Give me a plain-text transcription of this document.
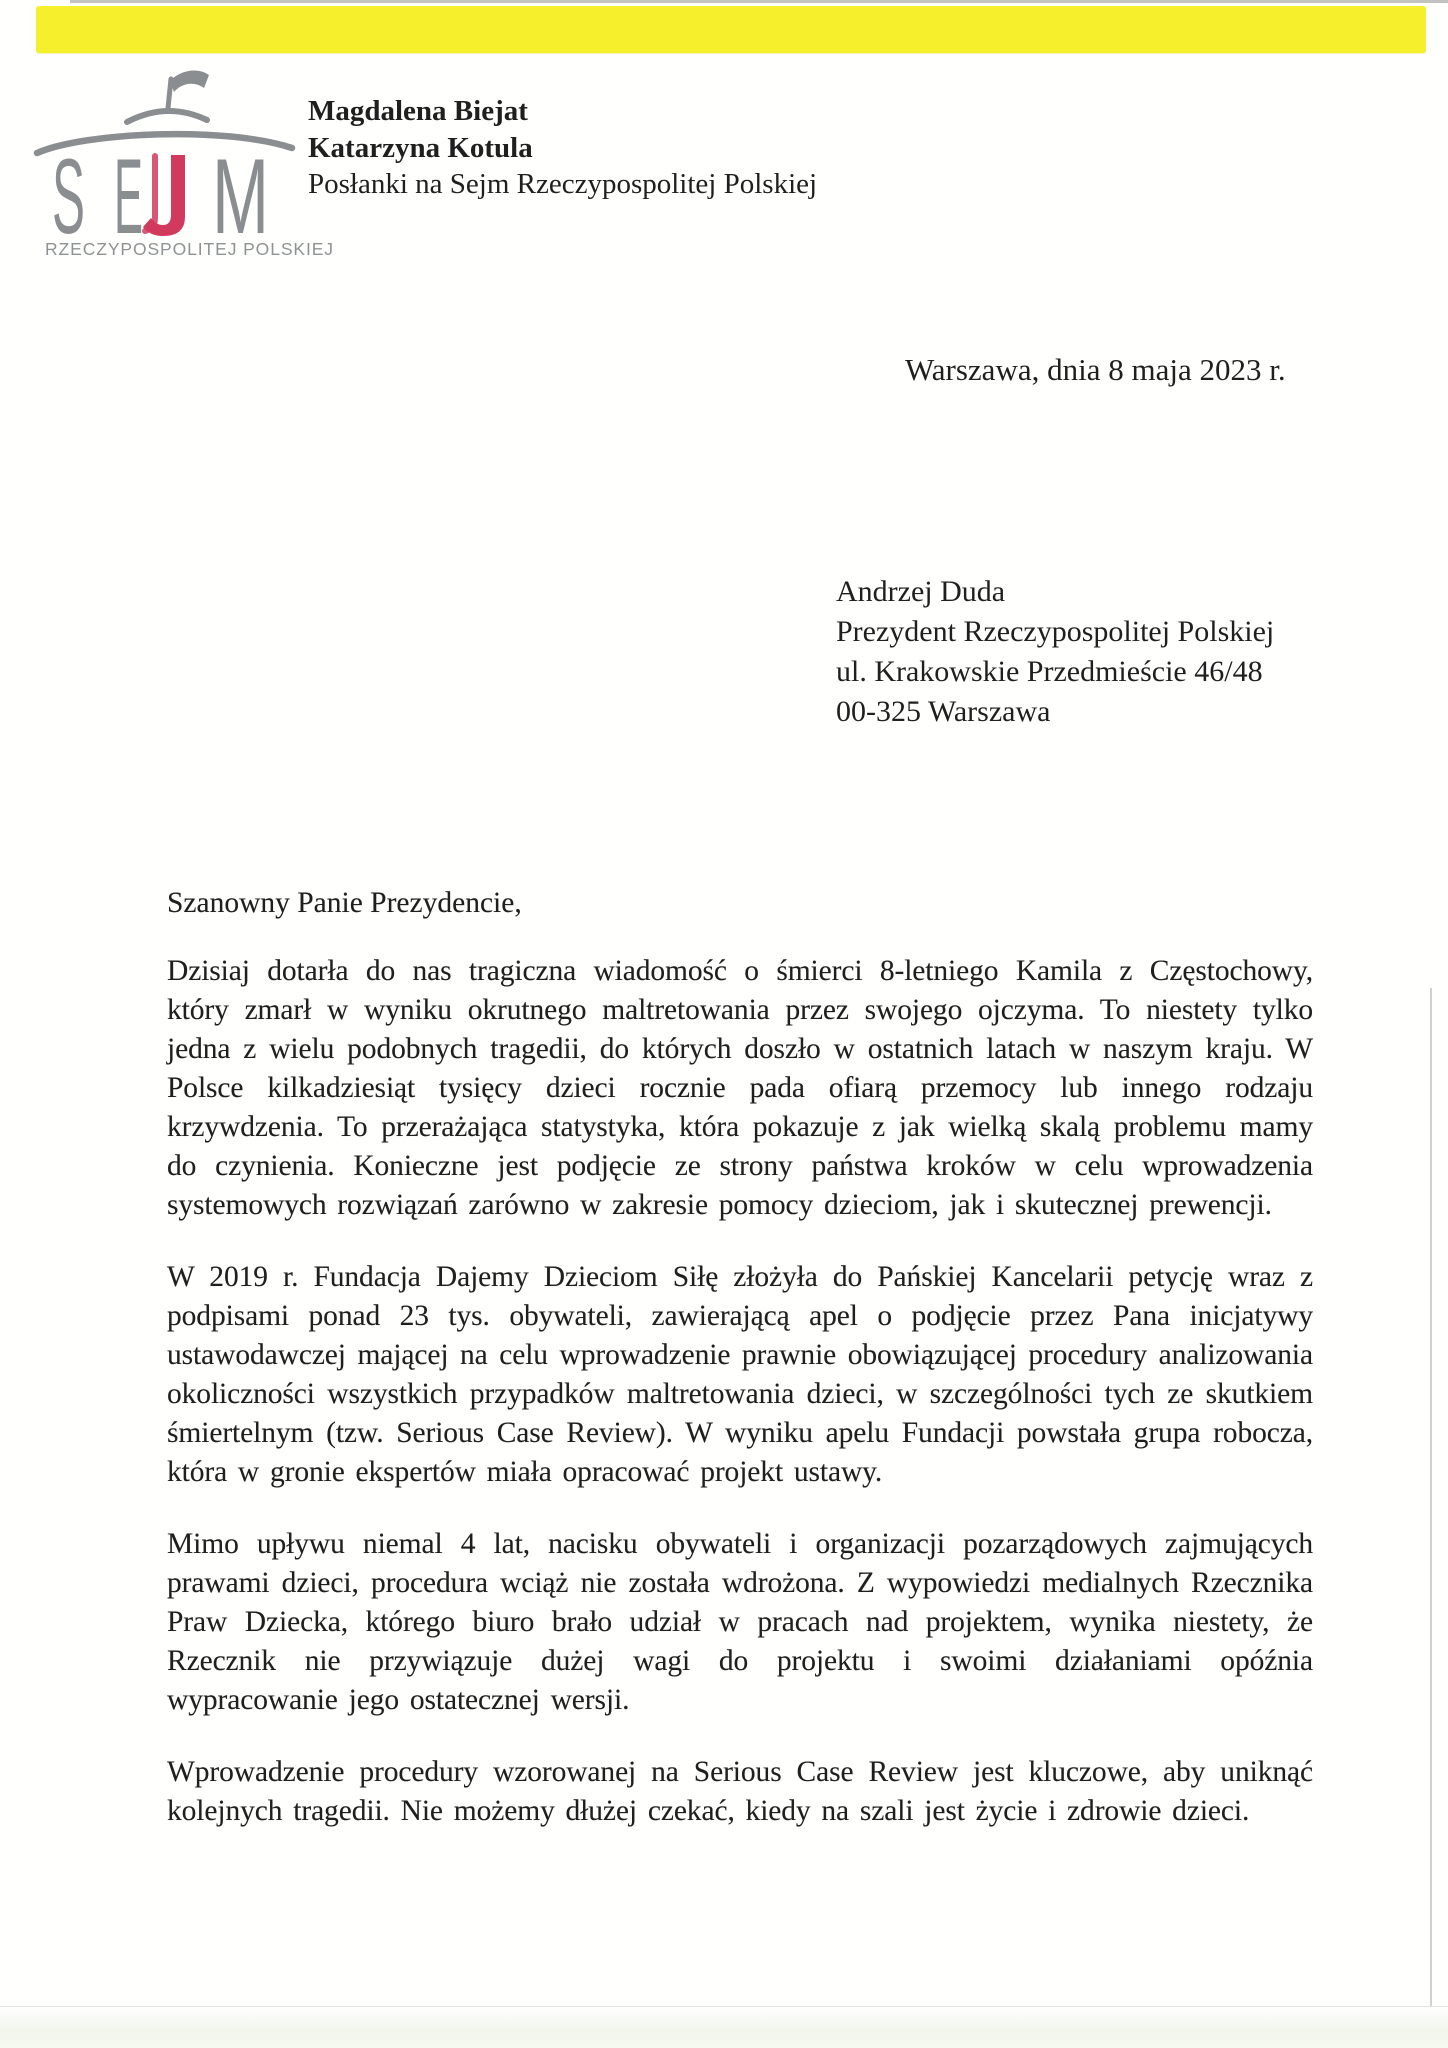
S E M
RZECZYPOSPOLITEJ POLSKIEJ
Magdalena Biejat
Katarzyna Kotula
Posłanki na Sejm Rzeczypospolitej Polskiej
Warszawa, dnia 8 maja 2023 r.
Andrzej Duda
Prezydent Rzeczypospolitej Polskiej
ul. Krakowskie Przedmieście 46/48
00-325 Warszawa
Szanowny Panie Prezydencie,

Dzisiaj dotarła do nas tragiczna wiadomość o śmierci 8-letniego Kamila z Częstochowy, który zmarł w wyniku okrutnego maltretowania przez swojego ojczyma. To niestety tylko jedna z wielu podobnych tragedii, do których doszło w ostatnich latach w naszym kraju. W Polsce kilkadziesiąt tysięcy dzieci rocznie pada ofiarą przemocy lub innego rodzaju krzywdzenia. To przerażająca statystyka, która pokazuje z jak wielką skalą problemu mamy do czynienia. Konieczne jest podjęcie ze strony państwa kroków w celu wprowadzenia systemowych rozwiązań zarówno w zakresie pomocy dzieciom, jak i skutecznej prewencji.

W 2019 r. Fundacja Dajemy Dzieciom Siłę złożyła do Pańskiej Kancelarii petycję wraz z podpisami ponad 23 tys. obywateli, zawierającą apel o podjęcie przez Pana inicjatywy ustawodawczej mającej na celu wprowadzenie prawnie obowiązującej procedury analizowania okoliczności wszystkich przypadków maltretowania dzieci, w szczególności tych ze skutkiem śmiertelnym (tzw. Serious Case Review). W wyniku apelu Fundacji powstała grupa robocza, która w gronie ekspertów miała opracować projekt ustawy.

Mimo upływu niemal 4 lat, nacisku obywateli i organizacji pozarządowych zajmujących prawami dzieci, procedura wciąż nie została wdrożona. Z wypowiedzi medialnych Rzecznika Praw Dziecka, którego biuro brało udział w pracach nad projektem, wynika niestety, że Rzecznik nie przywiązuje dużej wagi do projektu i swoimi działaniami opóźnia wypracowanie jego ostatecznej wersji.

Wprowadzenie procedury wzorowanej na Serious Case Review jest kluczowe, aby uniknąć kolejnych tragedii. Nie możemy dłużej czekać, kiedy na szali jest życie i zdrowie dzieci.
